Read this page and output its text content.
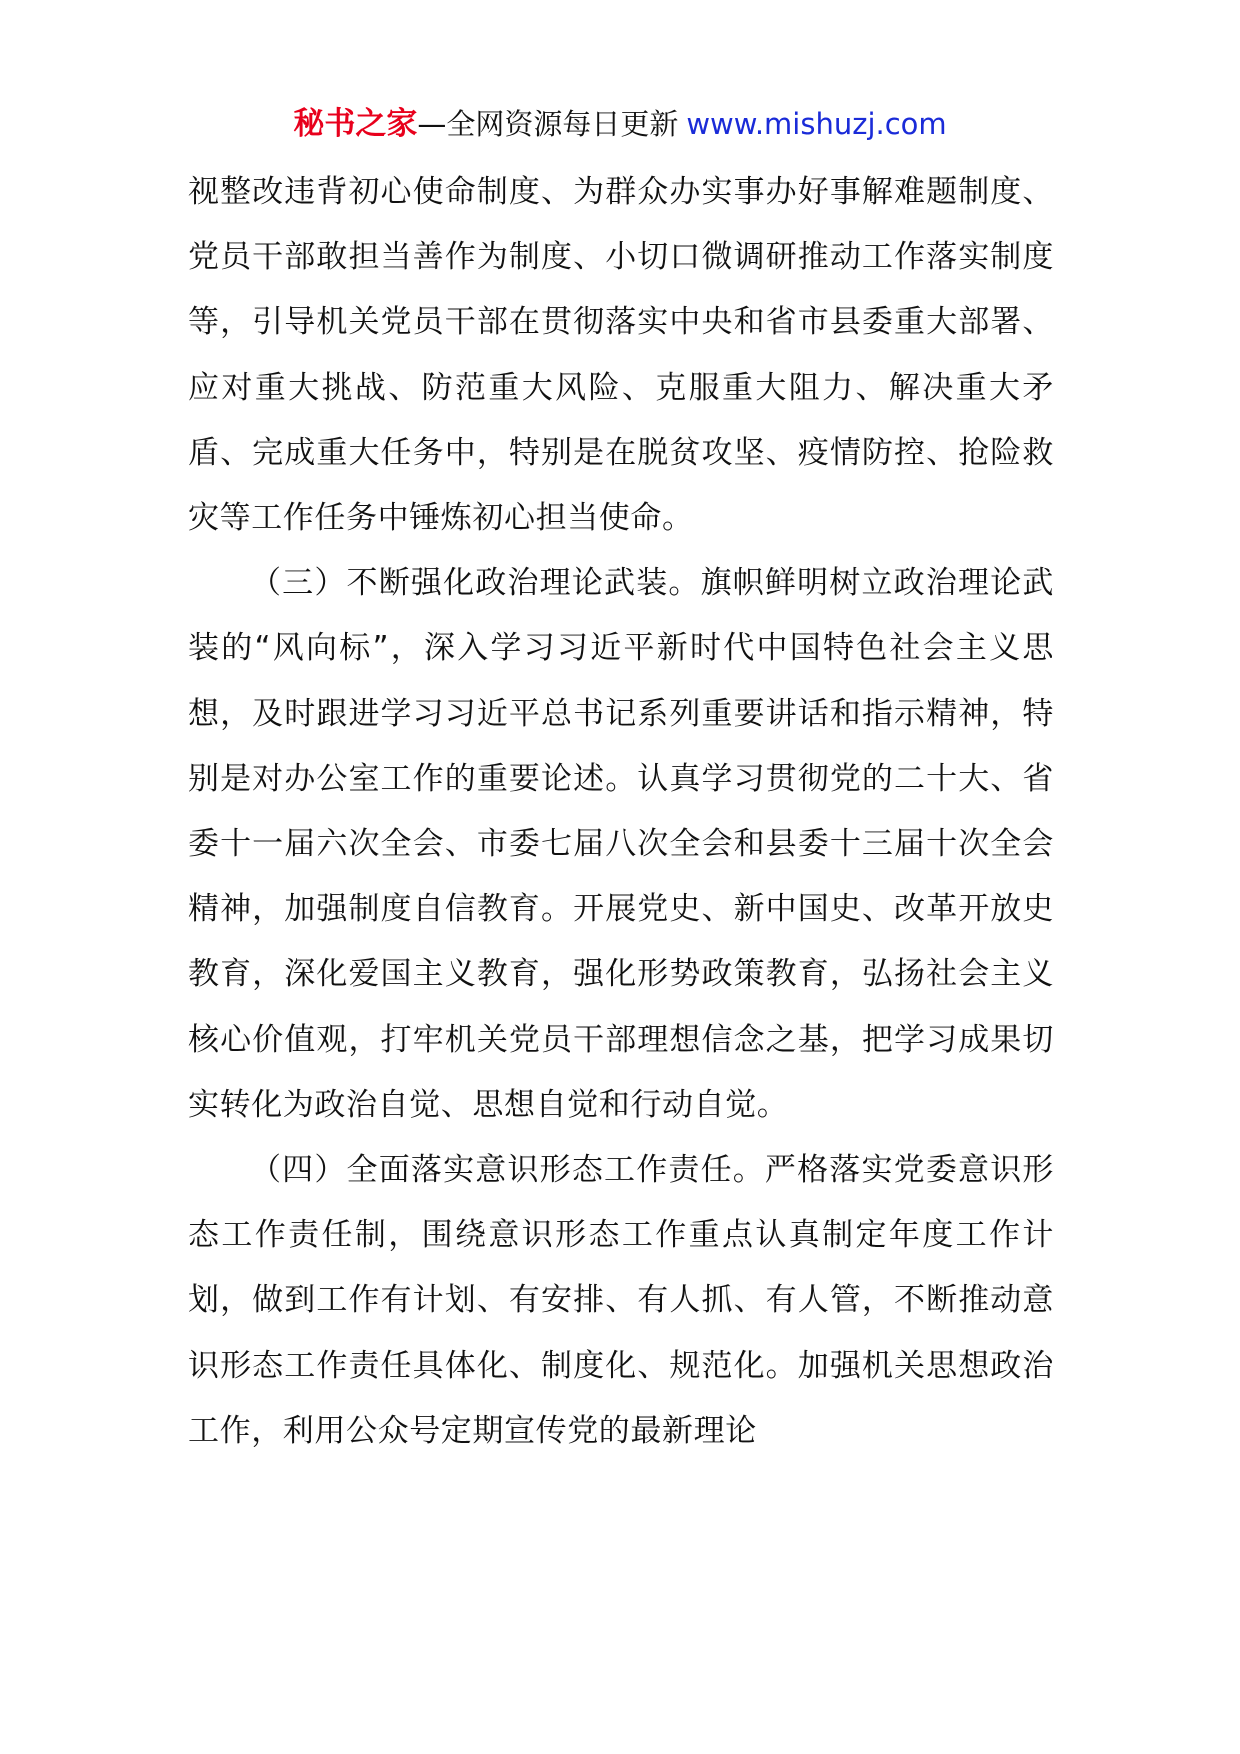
秘书之家—全网资源每日更新 www.mishuzj.com

视整改违背初心使命制度、为群众办实事办好事解难题制度、党员干部敢担当善作为制度、小切口微调研推动工作落实制度等，引导机关党员干部在贯彻落实中央和省市县委重大部署、应对重大挑战、防范重大风险、克服重大阻力、解决重大矛盾、完成重大任务中，特别是在脱贫攻坚、疫情防控、抢险救灾等工作任务中锤炼初心担当使命。

（三）不断强化政治理论武装。旗帜鲜明树立政治理论武装的“风向标”，深入学习习近平新时代中国特色社会主义思想，及时跟进学习习近平总书记系列重要讲话和指示精神，特别是对办公室工作的重要论述。认真学习贯彻党的二十大、省委十一届六次全会、市委七届八次全会和县委十三届十次全会精神，加强制度自信教育。开展党史、新中国史、改革开放史教育，深化爱国主义教育，强化形势政策教育，弘扬社会主义核心价值观，打牢机关党员干部理想信念之基，把学习成果切实转化为政治自觉、思想自觉和行动自觉。

（四）全面落实意识形态工作责任。严格落实党委意识形态工作责任制，围绕意识形态工作重点认真制定年度工作计划，做到工作有计划、有安排、有人抓、有人管，不断推动意识形态工作责任具体化、制度化、规范化。加强机关思想政治工作，利用公众号定期宣传党的最新理论
